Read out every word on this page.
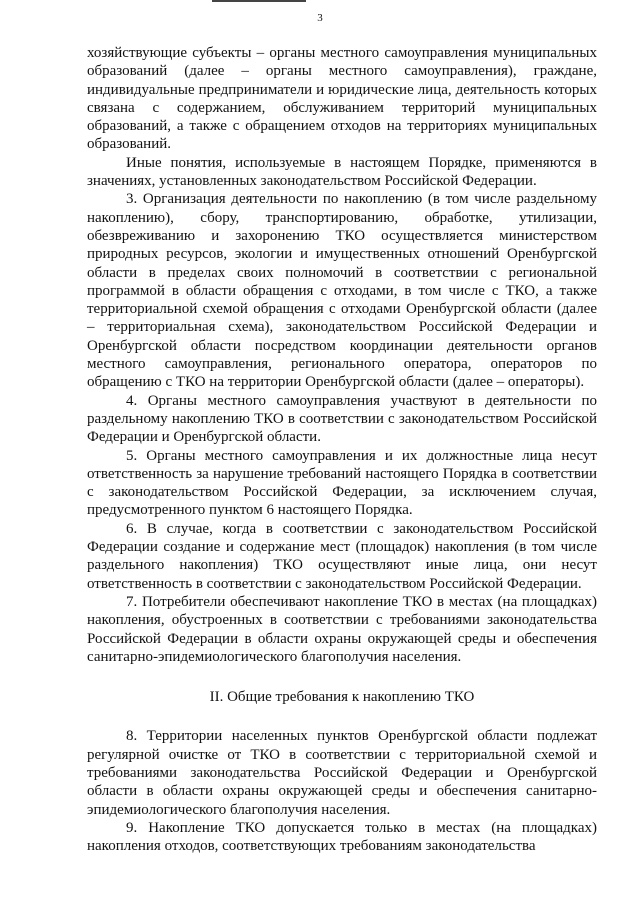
3

хозяйствующие субъекты – органы местного самоуправления муниципальных образований (далее – органы местного самоуправления), граждане, индивидуальные предприниматели и юридические лица, деятельность которых связана с содержанием, обслуживанием территорий муниципальных образований, а также с обращением отходов на территориях муниципальных образований.

Иные понятия, используемые в настоящем Порядке, применяются в значениях, установленных законодательством Российской Федерации.

3. Организация деятельности по накоплению (в том числе раздельному накоплению), сбору, транспортированию, обработке, утилизации, обезвреживанию и захоронению ТКО осуществляется министерством природных ресурсов, экологии и имущественных отношений Оренбургской области в пределах своих полномочий в соответствии с региональной программой в области обращения с отходами, в том числе с ТКО, а также территориальной схемой обращения с отходами Оренбургской области (далее – территориальная схема), законодательством Российской Федерации и Оренбургской области посредством координации деятельности органов местного самоуправления, регионального оператора, операторов по обращению с ТКО на территории Оренбургской области (далее – операторы).

4. Органы местного самоуправления участвуют в деятельности по раздельному накоплению ТКО в соответствии с законодательством Российской Федерации и Оренбургской области.

5. Органы местного самоуправления и их должностные лица несут ответственность за нарушение требований настоящего Порядка в соответствии с законодательством Российской Федерации, за исключением случая, предусмотренного пунктом 6 настоящего Порядка.

6. В случае, когда в соответствии с законодательством Российской Федерации создание и содержание мест (площадок) накопления (в том числе раздельного накопления) ТКО осуществляют иные лица, они несут ответственность в соответствии с законодательством Российской Федерации.

7. Потребители обеспечивают накопление ТКО в местах (на площадках) накопления, обустроенных в соответствии с требованиями законодательства Российской Федерации в области охраны окружающей среды и обеспечения санитарно-эпидемиологического благополучия населения.

II. Общие требования к накоплению ТКО

8. Территории населенных пунктов Оренбургской области подлежат регулярной очистке от ТКО в соответствии с территориальной схемой и требованиями законодательства Российской Федерации и Оренбургской области в области охраны окружающей среды и обеспечения санитарно-эпидемиологического благополучия населения.

9. Накопление ТКО допускается только в местах (на площадках) накопления отходов, соответствующих требованиям законодательства
